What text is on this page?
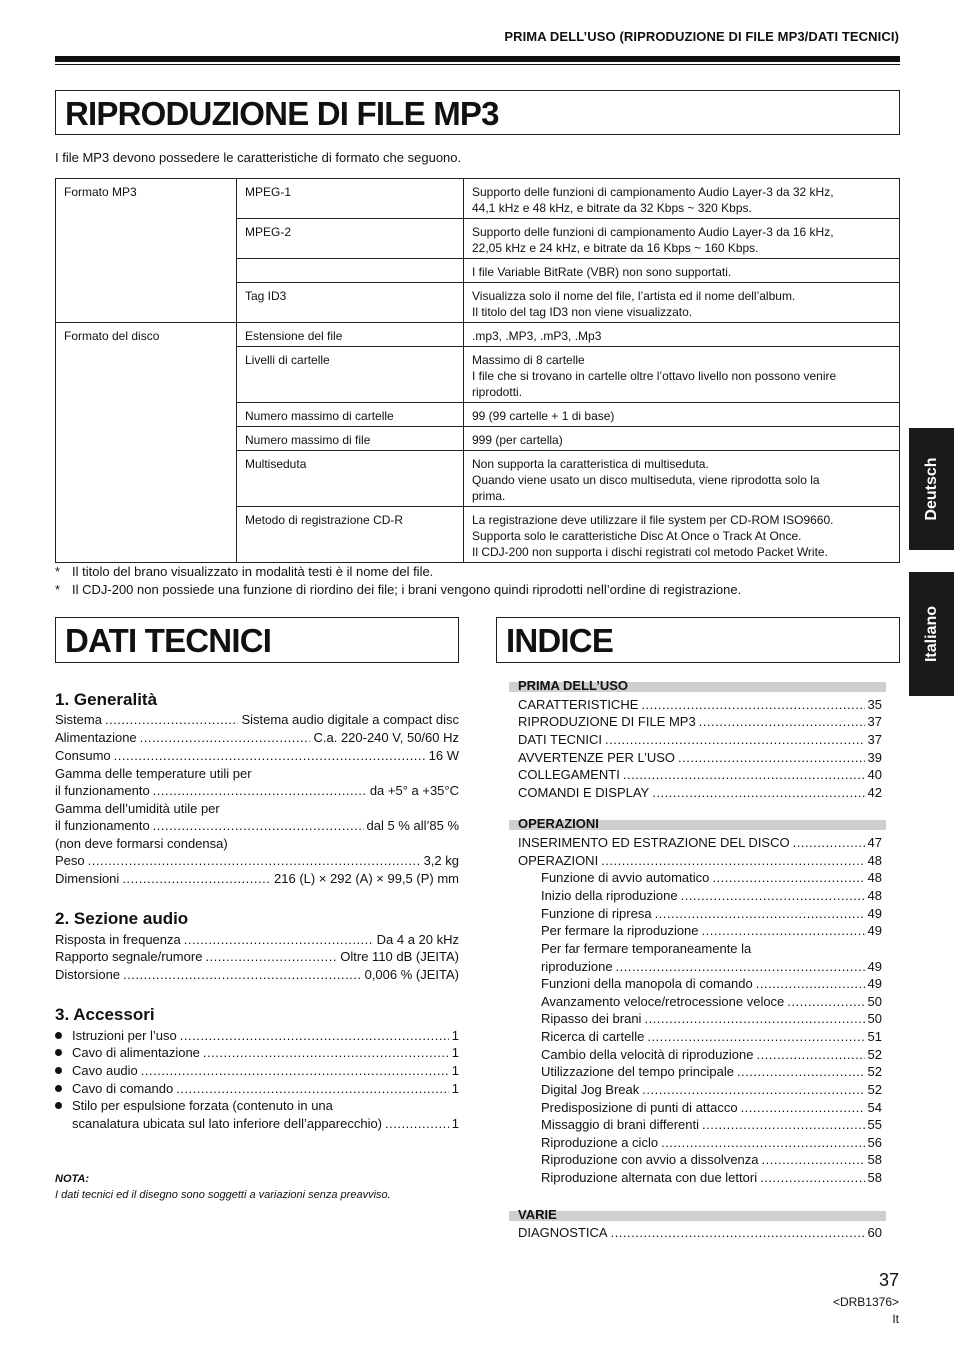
PRIMA DELL’USO (RIPRODUZIONE DI FILE MP3/DATI TECNICI)
RIPRODUZIONE DI FILE MP3
I file MP3 devono possedere le caratteristiche di formato che seguono.
Formato MP3	MPEG-1	Supporto delle funzioni di campionamento Audio Layer-3 da 32 kHz,
44,1 kHz e 48 kHz, e bitrate da 32 Kbps ~ 320 Kbps.

	MPEG-2	Supporto delle funzioni di campionamento Audio Layer-3 da 16 kHz,
22,05 kHz e 24 kHz, e bitrate da 16 Kbps ~ 160 Kbps.

		I file Variable BitRate (VBR) non sono supportati.

	Tag ID3	Visualizza solo il nome del file, l’artista ed il nome dell’album.
Il titolo del tag ID3 non viene visualizzato.

Formato del disco	Estensione del file	.mp3, .MP3, .mP3, .Mp3

	Livelli di cartelle	Massimo di 8 cartelle
I file che si trovano in cartelle oltre l’ottavo livello non possono venire
riprodotti.

	Numero massimo di cartelle	99 (99 cartelle + 1 di base)

	Numero massimo di file	999 (per cartella)

	Multiseduta	Non supporta la caratteristica di multiseduta.
Quando viene usato un disco multiseduta, viene riprodotta solo la
prima.

	Metodo di registrazione CD-R	La registrazione deve utilizzare il file system per CD-ROM ISO9660.
Supporta solo le caratteristiche Disc At Once o Track At Once.
Il CDJ-200 non supporta i dischi registrati col metodo Packet Write.
* Il titolo del brano visualizzato in modalità testi è il nome del file.
* Il CDJ-200 non possiede una funzione di riordino dei file; i brani vengono quindi riprodotti nell’ordine di registrazione.
Deutsch
Italiano
DATI TECNICI
1. Generalità
Sistema .....	Sistema audio digitale a compact disc
Alimentazione .....	C.a. 220-240 V, 50/60 Hz
Consumo .....	16 W
Gamma delle temperature utili per
il funzionamento .....	da +5° a +35°C
Gamma dell’umidità utile per
il funzionamento .....	dal 5 % all’85 %
(non deve formarsi condensa)
Peso .....	3,2 kg
Dimensioni .....	216 (L) × 292 (A) × 99,5 (P) mm
2. Sezione audio
Risposta in frequenza .....	Da 4 a 20 kHz
Rapporto segnale/rumore .....	Oltre 110 dB (JEITA)
Distorsione .....	0,006 % (JEITA)
3. Accessori
Istruzioni per l’uso .....	1
Cavo di alimentazione .....	1
Cavo audio .....	1
Cavo di comando .....	1
Stilo per espulsione forzata (contenuto in una
scanalatura ubicata sul lato inferiore dell’apparecchio) .....	1
NOTA:
I dati tecnici ed il disegno sono soggetti a variazioni senza preavviso.
INDICE
PRIMA DELL’USO
CARATTERISTICHE .....	35
RIPRODUZIONE DI FILE MP3 .....	37
DATI TECNICI .....	37
AVVERTENZE PER L’USO .....	39
COLLEGAMENTI .....	40
COMANDI E DISPLAY .....	42
OPERAZIONI
INSERIMENTO ED ESTRAZIONE DEL DISCO .....	47
OPERAZIONI .....	48
Funzione di avvio automatico .....	48
Inizio della riproduzione .....	48
Funzione di ripresa .....	49
Per fermare la riproduzione .....	49
Per far fermare temporaneamente la
riproduzione .....	49
Funzioni della manopola di comando .....	49
Avanzamento veloce/retrocessione veloce .....	50
Ripasso dei brani .....	50
Ricerca di cartelle .....	51
Cambio della velocità di riproduzione .....	52
Utilizzazione del tempo principale .....	52
Digital Jog Break .....	52
Predisposizione di punti di attacco .....	54
Missaggio di brani differenti .....	55
Riproduzione a ciclo .....	56
Riproduzione con avvio a dissolvenza .....	58
Riproduzione alternata con due lettori .....	58
VARIE
DIAGNOSTICA .....	60
37
<DRB1376>
It
